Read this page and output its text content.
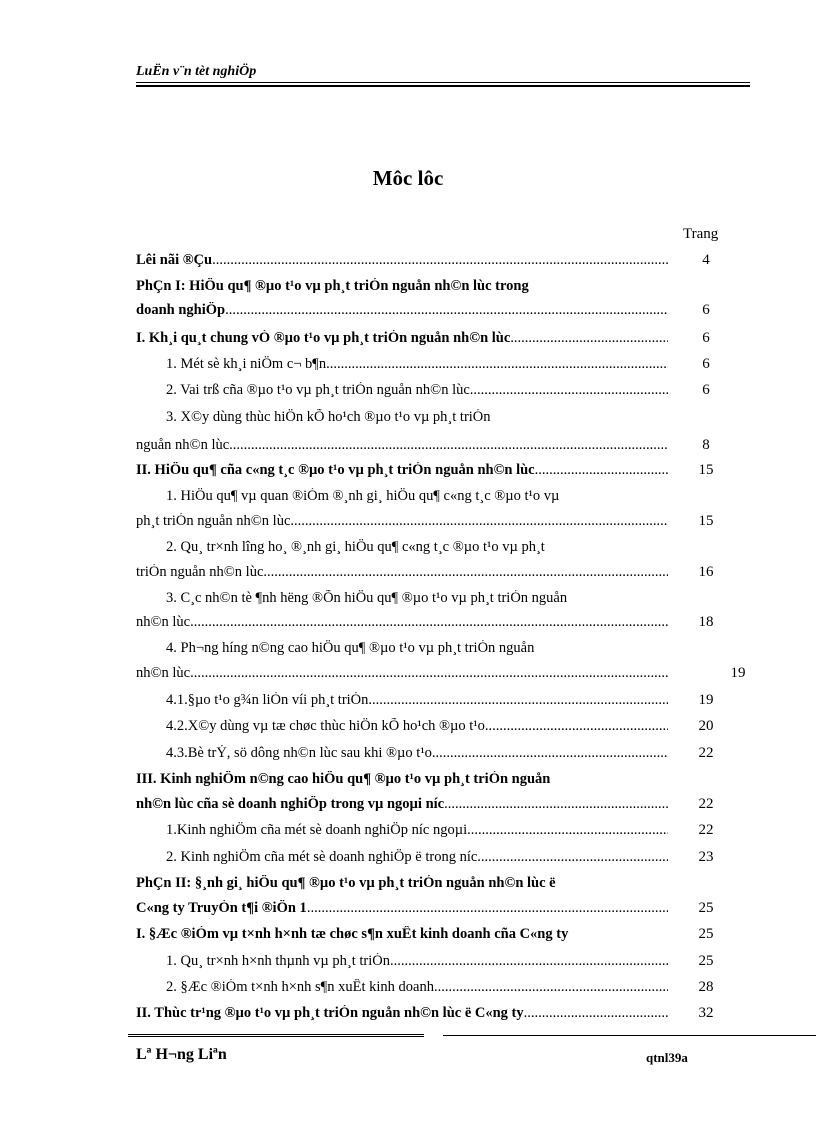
LuËn v¨n tèt nghiÖp
Môc lôc
Trang
Lêi nãi ®Çu .....	4
PhÇn I: HiÖu qu¶ ®µo t¹o vµ ph¸t triÓn nguån nh©n lùc trong
doanh nghiÖp .....	6
I. Kh¸i qu¸t chung vÒ ®µo t¹o vµ ph¸t triÓn nguån nh©n lùc .....	6
1. Mét sè kh¸i niÖm c¬ b¶n .....	6
2. Vai trß cña ®µo t¹o vµ ph¸t triÓn nguån nh©n lùc .....	6
3. X©y dùng thùc hiÖn kÕ ho¹ch ®µo t¹o vµ ph¸t triÓn
nguån nh©n lùc .....	8
II. HiÖu qu¶ cña c«ng t¸c ®µo t¹o vµ ph¸t triÓn nguån nh©n lùc .....	15
1. HiÖu qu¶ vµ quan ®iÓm ®¸nh gi¸ hiÖu qu¶ c«ng t¸c ®µo t¹o vµ
ph¸t triÓn nguån nh©n lùc .....	15
2. Qu¸ tr×nh lîng ho¸ ®¸nh gi¸ hiÖu qu¶ c«ng t¸c ®µo t¹o vµ ph¸t
triÓn nguån nh©n lùc .....	16
3. C¸c nh©n tè ¶nh hëng ®Õn hiÖu qu¶ ®µo t¹o vµ ph¸t triÓn nguån
nh©n lùc .....	18
4. Ph¬ng híng n©ng cao hiÖu qu¶ ®µo t¹o vµ ph¸t triÓn nguån
nh©n lùc .....	19
4.1.§µo t¹o g¾n liÒn víi ph¸t triÓn .....	19
4.2.X©y dùng vµ tæ chøc thùc hiÖn kÕ ho¹ch ®µo t¹o. .....	20
4.3.Bè trÝ, sö dông nh©n lùc sau khi ®µo t¹o .....	22
III. Kinh nghiÖm n©ng cao hiÖu qu¶ ®µo t¹o vµ ph¸t triÓn nguån
nh©n lùc cña sè doanh nghiÖp trong vµ ngoµi níc .....	22
1.Kinh nghiÖm cña mét sè doanh nghiÖp níc ngoµi .....	22
2. Kinh nghiÖm cña mét sè doanh nghiÖp ë trong níc .....	23
PhÇn II: §¸nh gi¸ hiÖu qu¶ ®µo t¹o vµ ph¸t triÓn nguån nh©n lùc ë
C«ng ty TruyÒn t¶i ®iÖn 1 .....	25
I. §Æc ®iÓm vµ t×nh h×nh tæ chøc s¶n xuÊt kinh doanh cña C«ng ty	25
1. Qu¸ tr×nh h×nh thµnh vµ ph¸t triÓn .....	25
2. §Æc ®iÓm t×nh h×nh s¶n xuÊt kinh doanh .....	28
II. Thùc tr¹ng ®µo t¹o vµ ph¸t triÓn nguån nh©n lùc ë C«ng ty .....	32
Lª H¬ng Liªn	qtnl39a
